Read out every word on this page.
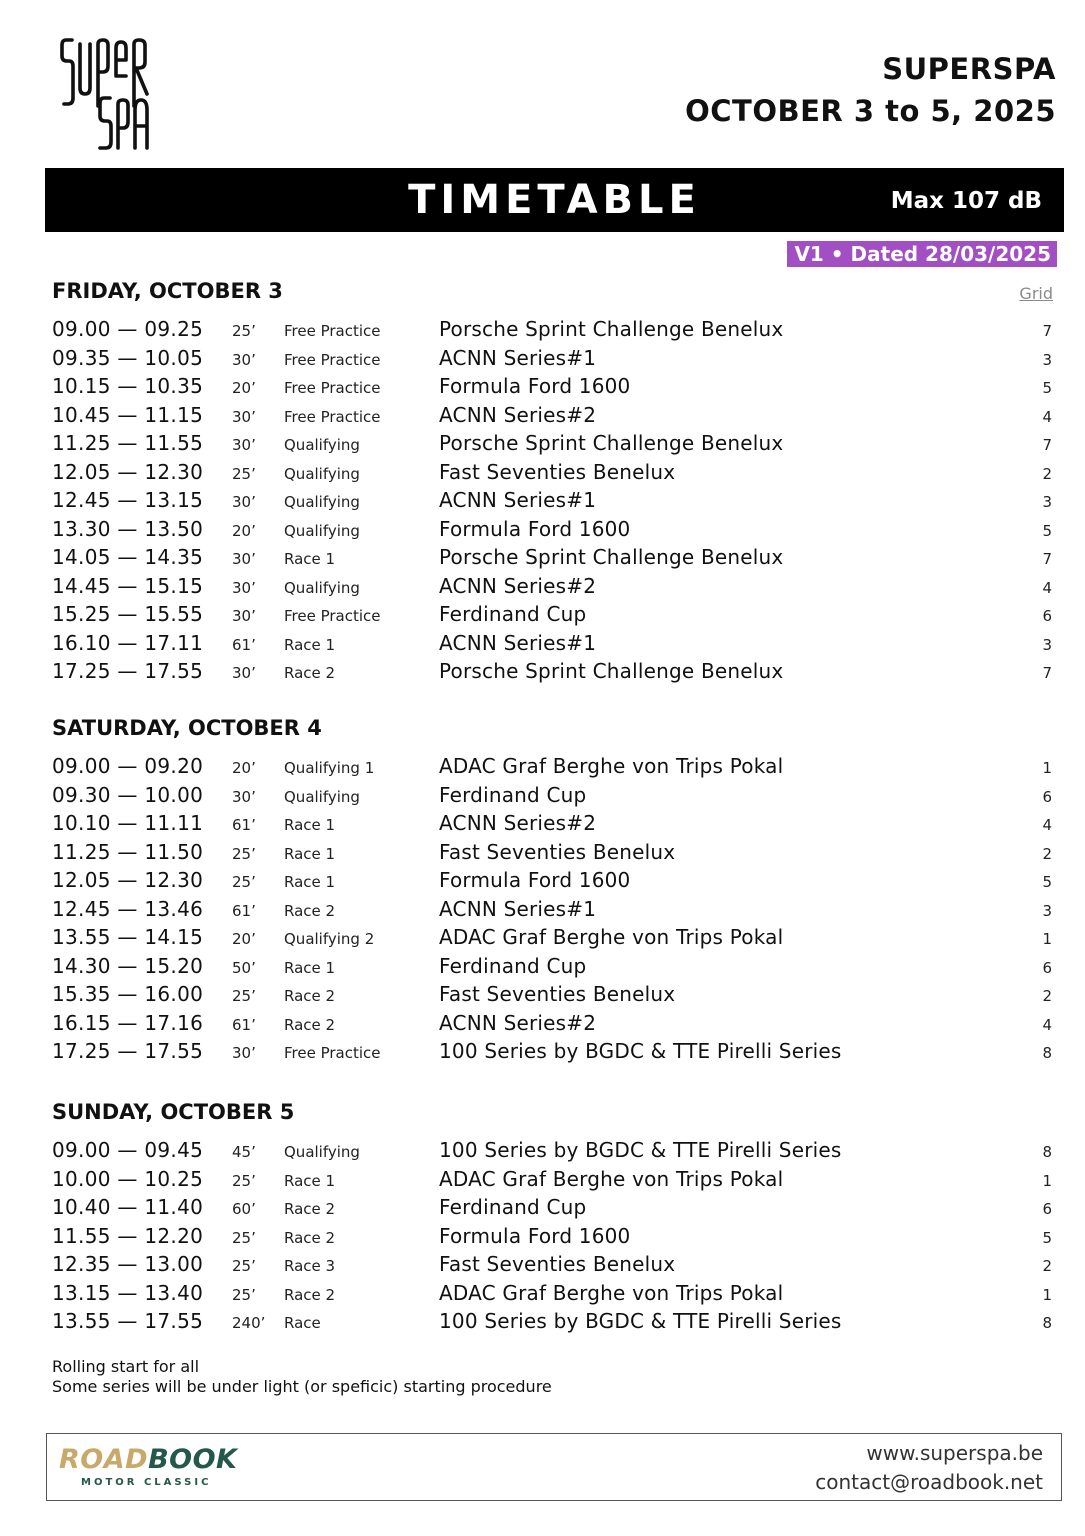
SUPERSPA
OCTOBER 3 to 5, 2025
TIMETABLE	Max 107 dB
V1 • Dated 28/03/2025
Grid
FRIDAY, OCTOBER 3
09.00 — 09.25 25’ Free Practice	Porsche Sprint Challenge Benelux	7
09.35 — 10.05 30’ Free Practice	ACNN Series#1	3
10.15 — 10.35 20’ Free Practice	Formula Ford 1600	5
10.45 — 11.15 30’ Free Practice	ACNN Series#2	4
11.25 — 11.55 30’ Qualifying	Porsche Sprint Challenge Benelux	7
12.05 — 12.30 25’ Qualifying	Fast Seventies Benelux	2
12.45 — 13.15 30’ Qualifying	ACNN Series#1	3
13.30 — 13.50 20’ Qualifying	Formula Ford 1600	5
14.05 — 14.35 30’ Race 1	Porsche Sprint Challenge Benelux	7
14.45 — 15.15 30’ Qualifying	ACNN Series#2	4
15.25 — 15.55 30’ Free Practice	Ferdinand Cup	6
16.10 — 17.11 61’ Race 1	ACNN Series#1	3
17.25 — 17.55 30’ Race 2	Porsche Sprint Challenge Benelux	7
SATURDAY, OCTOBER 4
09.00 — 09.20 20’ Qualifying 1	ADAC Graf Berghe von Trips Pokal	1
09.30 — 10.00 30’ Qualifying	Ferdinand Cup	6
10.10 — 11.11 61’ Race 1	ACNN Series#2	4
11.25 — 11.50 25’ Race 1	Fast Seventies Benelux	2
12.05 — 12.30 25’ Race 1	Formula Ford 1600	5
12.45 — 13.46 61’ Race 2	ACNN Series#1	3
13.55 — 14.15 20’ Qualifying 2	ADAC Graf Berghe von Trips Pokal	1
14.30 — 15.20 50’ Race 1	Ferdinand Cup	6
15.35 — 16.00 25’ Race 2	Fast Seventies Benelux	2
16.15 — 17.16 61’ Race 2	ACNN Series#2	4
17.25 — 17.55 30’ Free Practice	100 Series by BGDC & TTE Pirelli Series	8
SUNDAY, OCTOBER 5
09.00 — 09.45 45’ Qualifying	100 Series by BGDC & TTE Pirelli Series	8
10.00 — 10.25 25’ Race 1	ADAC Graf Berghe von Trips Pokal	1
10.40 — 11.40 60’ Race 2	Ferdinand Cup	6
11.55 — 12.20 25’ Race 2	Formula Ford 1600	5
12.35 — 13.00 25’ Race 3	Fast Seventies Benelux	2
13.15 — 13.40 25’ Race 2	ADAC Graf Berghe von Trips Pokal	1
13.55 — 17.55 240’ Race	100 Series by BGDC & TTE Pirelli Series	8
Rolling start for all
Some series will be under light (or speficic) starting procedure
ROADBOOK
MOTOR CLASSIC
www.superspa.be
contact@roadbook.net
